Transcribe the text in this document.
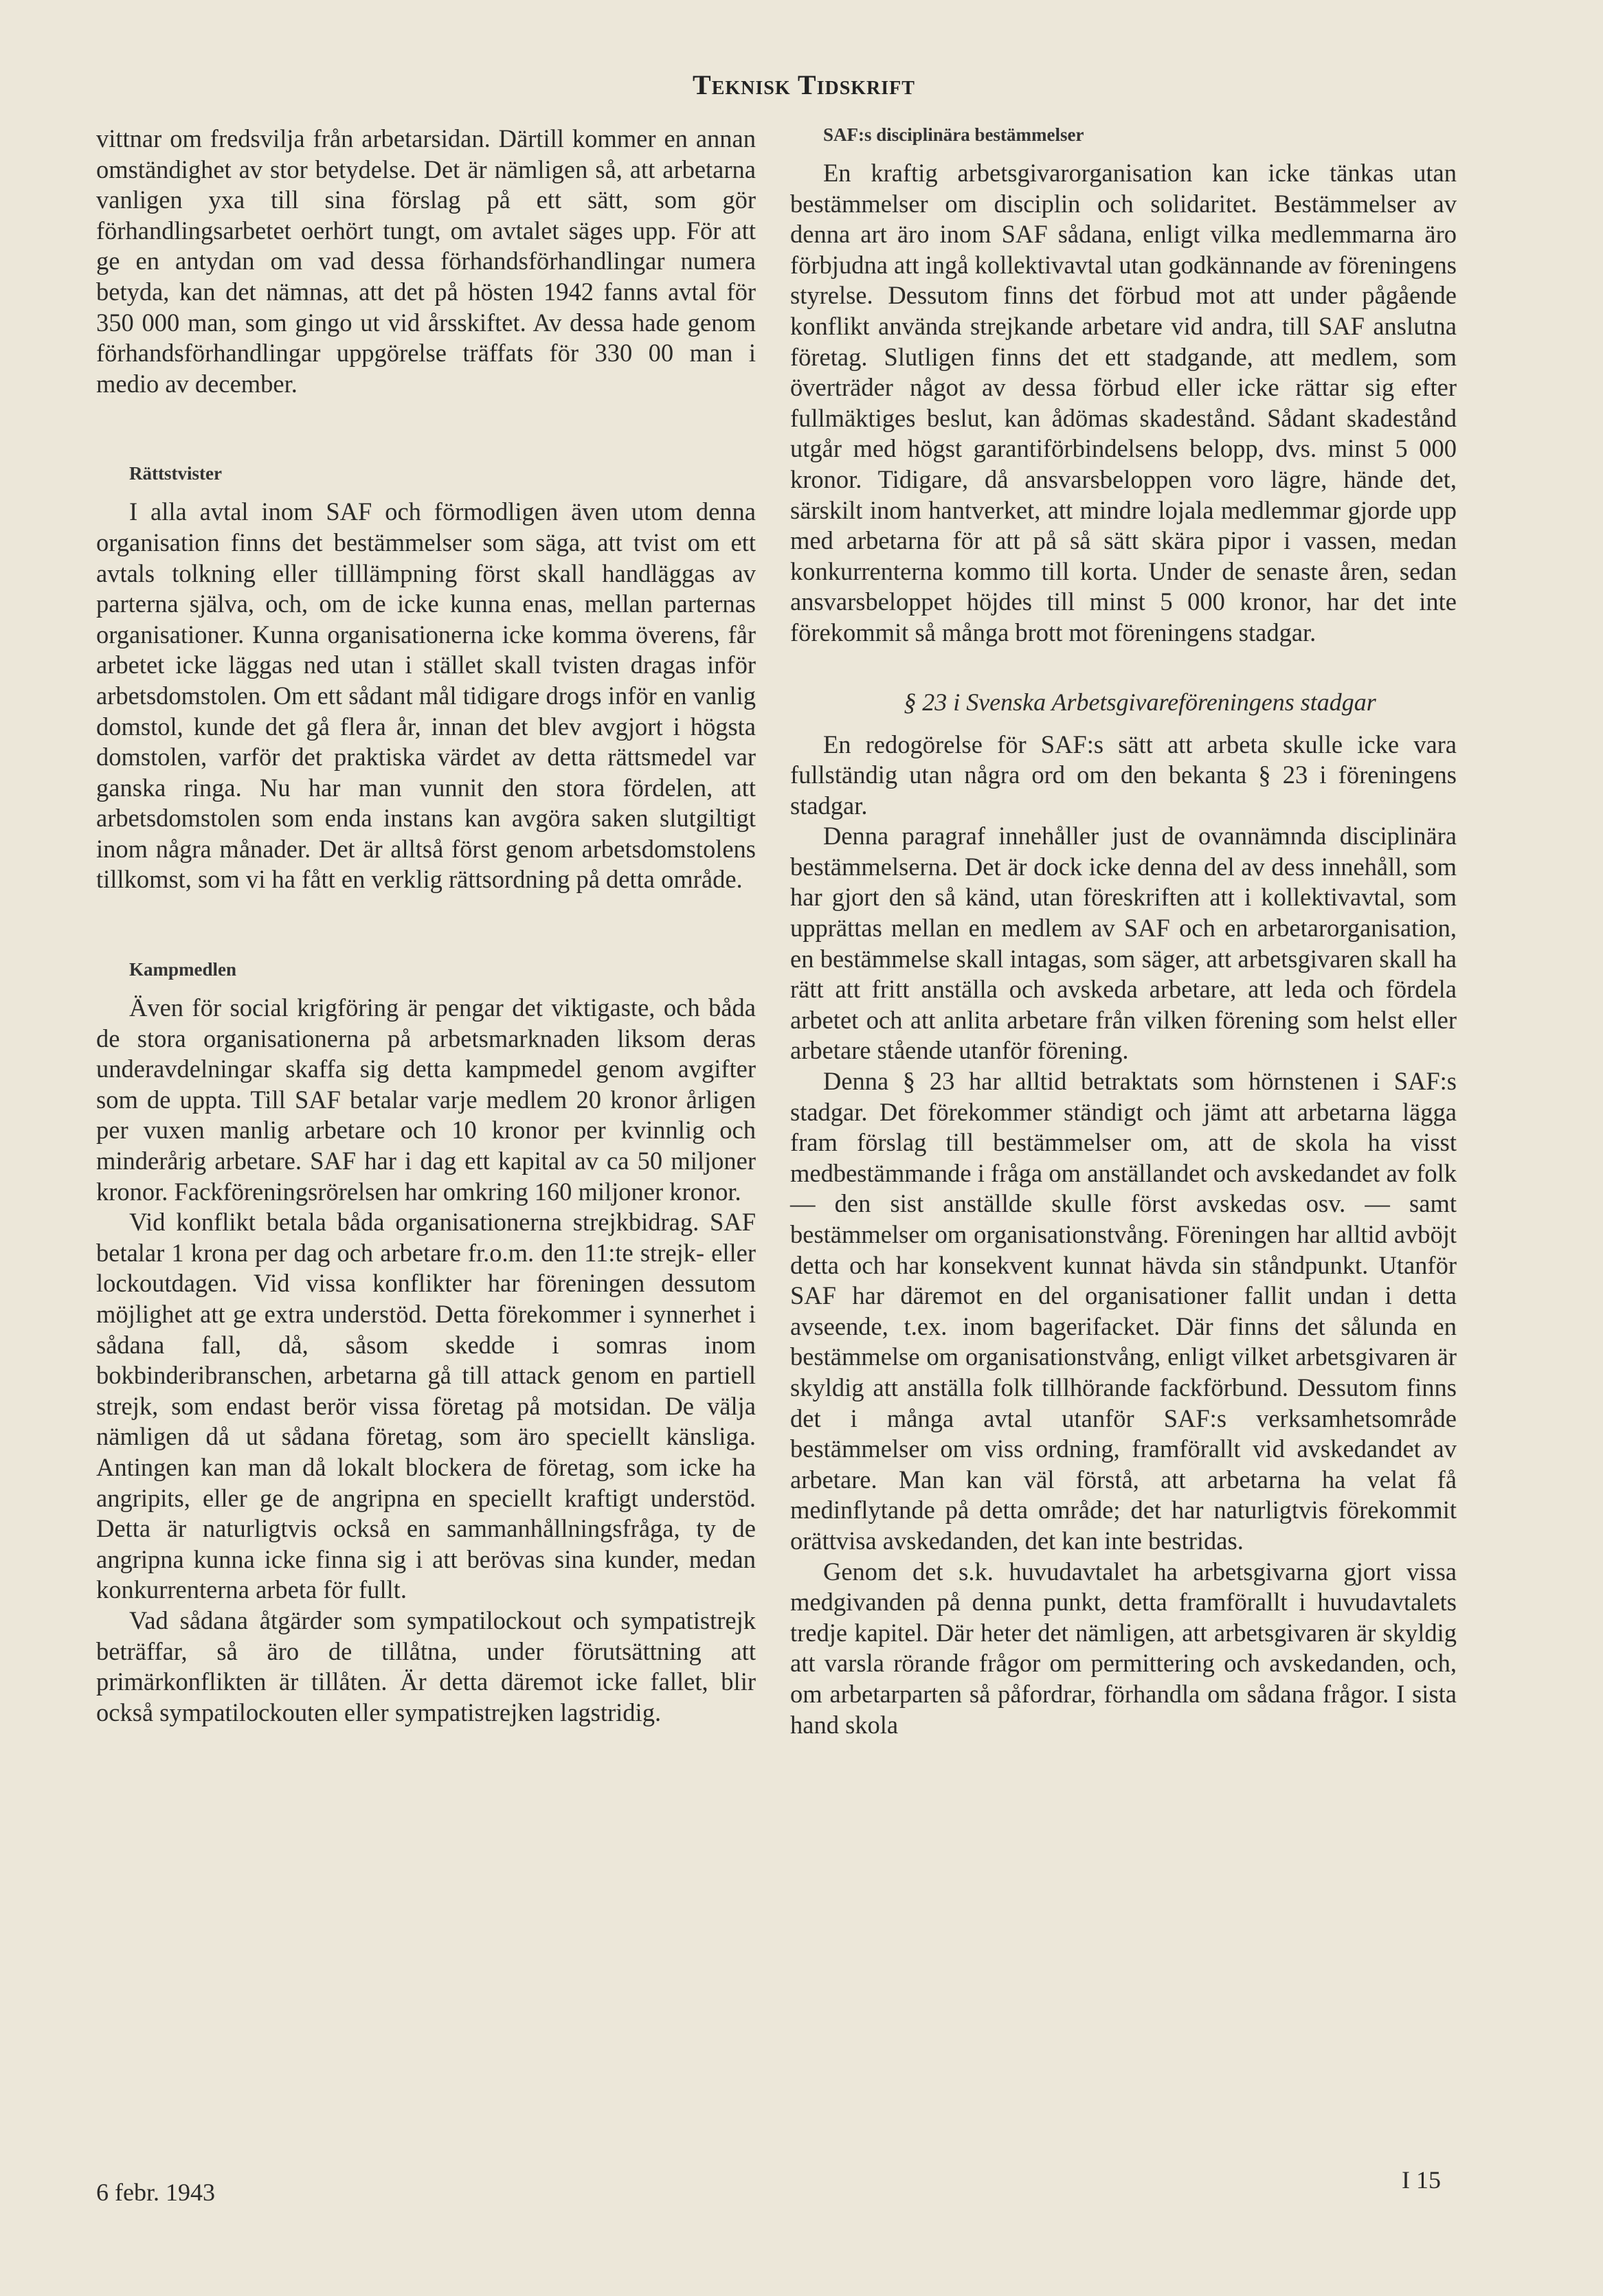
Teknisk Tidskrift

vittnar om fredsvilja från arbetarsidan. Därtill kommer en annan omständighet av stor betydelse. Det är nämligen så, att arbetarna vanligen yxa till sina förslag på ett sätt, som gör förhandlingsarbetet oerhört tungt, om avtalet säges upp. För att ge en antydan om vad dessa förhandsförhandlingar numera betyda, kan det nämnas, att det på hösten 1942 fanns avtal för 350 000 man, som gingo ut vid årsskiftet. Av dessa hade genom förhandsförhandlingar uppgörelse träffats för 330 00 man i medio av december.

Rättstvister

I alla avtal inom SAF och förmodligen även utom denna organisation finns det bestämmelser som säga, att tvist om ett avtals tolkning eller tilllämpning först skall handläggas av parterna själva, och, om de icke kunna enas, mellan parternas organisationer. Kunna organisationerna icke komma överens, får arbetet icke läggas ned utan i stället skall tvisten dragas inför arbetsdomstolen. Om ett sådant mål tidigare drogs inför en vanlig domstol, kunde det gå flera år, innan det blev avgjort i högsta domstolen, varför det praktiska värdet av detta rättsmedel var ganska ringa. Nu har man vunnit den stora fördelen, att arbetsdomstolen som enda instans kan avgöra saken slutgiltigt inom några månader. Det är alltså först genom arbetsdomstolens tillkomst, som vi ha fått en verklig rättsordning på detta område.

Kampmedlen

Även för social krigföring är pengar det viktigaste, och båda de stora organisationerna på arbetsmarknaden liksom deras underavdelningar skaffa sig detta kampmedel genom avgifter som de uppta. Till SAF betalar varje medlem 20 kronor årligen per vuxen manlig arbetare och 10 kronor per kvinnlig och minderårig arbetare. SAF har i dag ett kapital av ca 50 miljoner kronor. Fackföreningsrörelsen har omkring 160 miljoner kronor.

Vid konflikt betala båda organisationerna strejkbidrag. SAF betalar 1 krona per dag och arbetare fr.o.m. den 11:te strejk- eller lockoutdagen. Vid vissa konflikter har föreningen dessutom möjlighet att ge extra understöd. Detta förekommer i synnerhet i sådana fall, då, såsom skedde i somras inom bokbinderibranschen, arbetarna gå till attack genom en partiell strejk, som endast berör vissa företag på motsidan. De välja nämligen då ut sådana företag, som äro speciellt känsliga. Antingen kan man då lokalt blockera de företag, som icke ha angripits, eller ge de angripna en speciellt kraftigt understöd. Detta är naturligtvis också en sammanhållningsfråga, ty de angripna kunna icke finna sig i att berövas sina kunder, medan konkurrenterna arbeta för fullt.

Vad sådana åtgärder som sympatilockout och sympatistrejk beträffar, så äro de tillåtna, under förutsättning att primärkonflikten är tillåten. Är detta däremot icke fallet, blir också sympatilockouten eller sympatistrejken lagstridig.

SAF:s disciplinära bestämmelser

En kraftig arbetsgivarorganisation kan icke tänkas utan bestämmelser om disciplin och solidaritet. Bestämmelser av denna art äro inom SAF sådana, enligt vilka medlemmarna äro förbjudna att ingå kollektivavtal utan godkännande av föreningens styrelse. Dessutom finns det förbud mot att under pågående konflikt använda strejkande arbetare vid andra, till SAF anslutna företag. Slutligen finns det ett stadgande, att medlem, som överträder något av dessa förbud eller icke rättar sig efter fullmäktiges beslut, kan ådömas skadestånd. Sådant skadestånd utgår med högst garantiförbindelsens belopp, dvs. minst 5 000 kronor. Tidigare, då ansvarsbeloppen voro lägre, hände det, särskilt inom hantverket, att mindre lojala medlemmar gjorde upp med arbetarna för att på så sätt skära pipor i vassen, medan konkurrenterna kommo till korta. Under de senaste åren, sedan ansvarsbeloppet höjdes till minst 5 000 kronor, har det inte förekommit så många brott mot föreningens stadgar.

§ 23 i Svenska Arbetsgivareföreningens stadgar

En redogörelse för SAF:s sätt att arbeta skulle icke vara fullständig utan några ord om den bekanta § 23 i föreningens stadgar.

Denna paragraf innehåller just de ovannämnda disciplinära bestämmelserna. Det är dock icke denna del av dess innehåll, som har gjort den så känd, utan föreskriften att i kollektivavtal, som upprättas mellan en medlem av SAF och en arbetarorganisation, en bestämmelse skall intagas, som säger, att arbetsgivaren skall ha rätt att fritt anställa och avskeda arbetare, att leda och fördela arbetet och att anlita arbetare från vilken förening som helst eller arbetare stående utanför förening.

Denna § 23 har alltid betraktats som hörnstenen i SAF:s stadgar. Det förekommer ständigt och jämt att arbetarna lägga fram förslag till bestämmelser om, att de skola ha visst medbestämmande i fråga om anställandet och avskedandet av folk — den sist anställde skulle först avskedas osv. — samt bestämmelser om organisationstvång. Föreningen har alltid avböjt detta och har konsekvent kunnat hävda sin ståndpunkt. Utanför SAF har däremot en del organisationer fallit undan i detta avseende, t.ex. inom bagerifacket. Där finns det sålunda en bestämmelse om organisationstvång, enligt vilket arbetsgivaren är skyldig att anställa folk tillhörande fackförbund. Dessutom finns det i många avtal utanför SAF:s verksamhetsområde bestämmelser om viss ordning, framförallt vid avskedandet av arbetare. Man kan väl förstå, att arbetarna ha velat få medinflytande på detta område; det har naturligtvis förekommit orättvisa avskedanden, det kan inte bestridas.

Genom det s.k. huvudavtalet ha arbetsgivarna gjort vissa medgivanden på denna punkt, detta framförallt i huvudavtalets tredje kapitel. Där heter det nämligen, att arbetsgivaren är skyldig att varsla rörande frågor om permittering och avskedanden, och, om arbetarparten så påfordrar, förhandla om sådana frågor. I sista hand skola

6 febr. 1943	I 15
